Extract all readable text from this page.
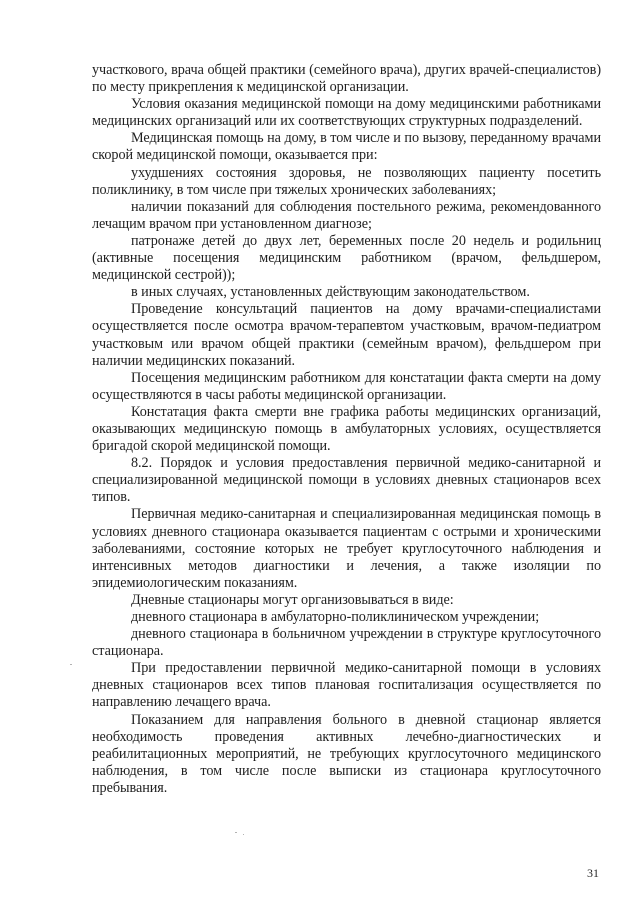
участкового, врача общей практики (семейного врача), других врачей-специалистов) по месту прикрепления к медицинской организации.

Условия оказания медицинской помощи на дому медицинскими работниками медицинских организаций или их соответствующих структурных подразделений.

Медицинская помощь на дому, в том числе и по вызову, переданному врачами скорой медицинской помощи, оказывается при:

ухудшениях состояния здоровья, не позволяющих пациенту посетить поликлинику, в том числе при тяжелых хронических заболеваниях;

наличии показаний для соблюдения постельного режима, рекомендованного лечащим врачом при установленном диагнозе;

патронаже детей до двух лет, беременных после 20 недель и родильниц (активные посещения медицинским работником (врачом, фельдшером, медицинской сестрой));

в иных случаях, установленных действующим законодательством.

Проведение консультаций пациентов на дому врачами-специалистами осуществляется после осмотра врачом-терапевтом участковым, врачом-педиатром участковым или врачом общей практики (семейным врачом), фельдшером при наличии медицинских показаний.

Посещения медицинским работником для констатации факта смерти на дому осуществляются в часы работы медицинской организации.

Констатация факта смерти вне графика работы медицинских организаций, оказывающих медицинскую помощь в амбулаторных условиях, осуществляется бригадой скорой медицинской помощи.

8.2. Порядок и условия предоставления первичной медико-санитарной и специализированной медицинской помощи в условиях дневных стационаров всех типов.

Первичная медико-санитарная и специализированная медицинская помощь в условиях дневного стационара оказывается пациентам с острыми и хроническими заболеваниями, состояние которых не требует круглосуточного наблюдения и интенсивных методов диагностики и лечения, а также изоляции по эпидемиологическим показаниям.

Дневные стационары могут организовываться в виде:

дневного стационара в амбулаторно-поликлиническом учреждении;

дневного стационара в больничном учреждении в структуре круглосуточного стационара.

При предоставлении первичной медико-санитарной помощи в условиях дневных стационаров всех типов плановая госпитализация осуществляется по направлению лечащего врача.

Показанием для направления больного в дневной стационар является необходимость проведения активных лечебно-диагностических и реабилитационных мероприятий, не требующих круглосуточного медицинского наблюдения, в том числе после выписки из стационара круглосуточного пребывания.

31
